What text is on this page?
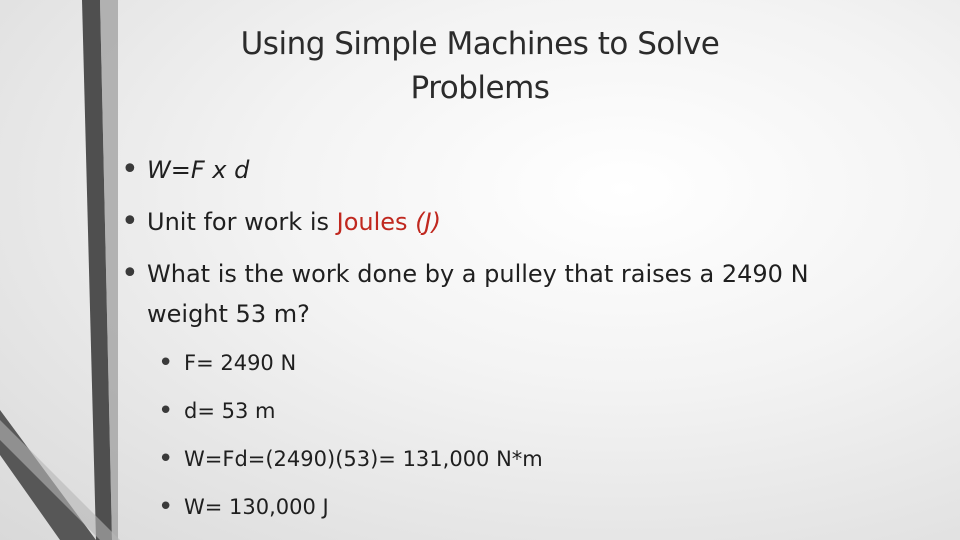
Using Simple Machines to Solve
Problems
• W=F x d
• Unit for work is Joules (J)
• What is the work done by a pulley that raises a 2490 N
weight 53 m?
• F= 2490 N
• d= 53 m
• W=Fd=(2490)(53)= 131,000 N*m
• W= 130,000 J
